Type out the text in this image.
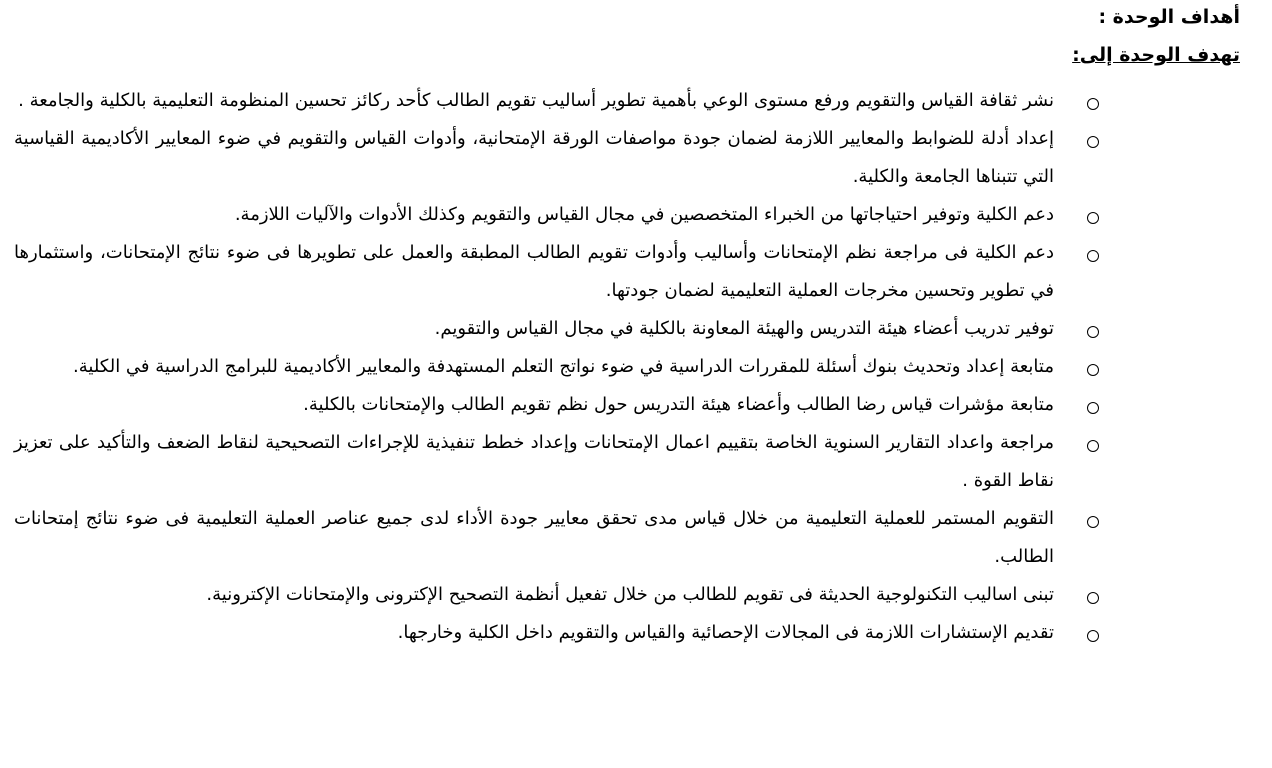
أهداف الوحدة :
تهدف الوحدة إلى:
نشر ثقافة القياس والتقويم ورفع مستوى الوعي بأهمية تطوير أساليب تقويم الطالب كأحد ركائز تحسين المنظومة التعليمية بالكلية والجامعة .
إعداد أدلة للضوابط والمعايير اللازمة لضمان جودة مواصفات الورقة الإمتحانية، وأدوات القياس والتقويم في ضوء المعايير الأكاديمية القياسية التي تتبناها الجامعة والكلية.
دعم الكلية وتوفير احتياجاتها من الخبراء المتخصصين في مجال القياس والتقويم وكذلك الأدوات والآليات اللازمة.
دعم الكلية فى مراجعة نظم الإمتحانات وأساليب وأدوات تقويم الطالب المطبقة والعمل على تطويرها فى ضوء نتائج الإمتحانات، واستثمارها في تطوير وتحسين مخرجات العملية التعليمية لضمان جودتها.
توفير تدريب أعضاء هيئة التدريس والهيئة المعاونة بالكلية في مجال القياس والتقويم.
متابعة إعداد وتحديث بنوك أسئلة للمقررات الدراسية في ضوء نواتج التعلم المستهدفة والمعايير الأكاديمية للبرامج الدراسية في الكلية.
متابعة مؤشرات قياس رضا الطالب وأعضاء هيئة التدريس حول نظم تقويم الطالب والإمتحانات بالكلية.
مراجعة واعداد التقارير السنوية الخاصة بتقييم اعمال الإمتحانات وإعداد خطط تنفيذية للإجراءات التصحيحية لنقاط الضعف والتأكيد على تعزيز نقاط القوة .
التقويم المستمر للعملية التعليمية من خلال قياس مدى تحقق معايير جودة الأداء لدى جميع عناصر العملية التعليمية فى ضوء نتائج إمتحانات الطالب.
تبنى اساليب التكنولوجية الحديثة فى تقويم للطالب من خلال تفعيل أنظمة التصحيح الإكترونى والإمتحانات الإكترونية.
تقديم الإستشارات اللازمة فى المجالات الإحصائية والقياس والتقويم داخل الكلية وخارجها.
